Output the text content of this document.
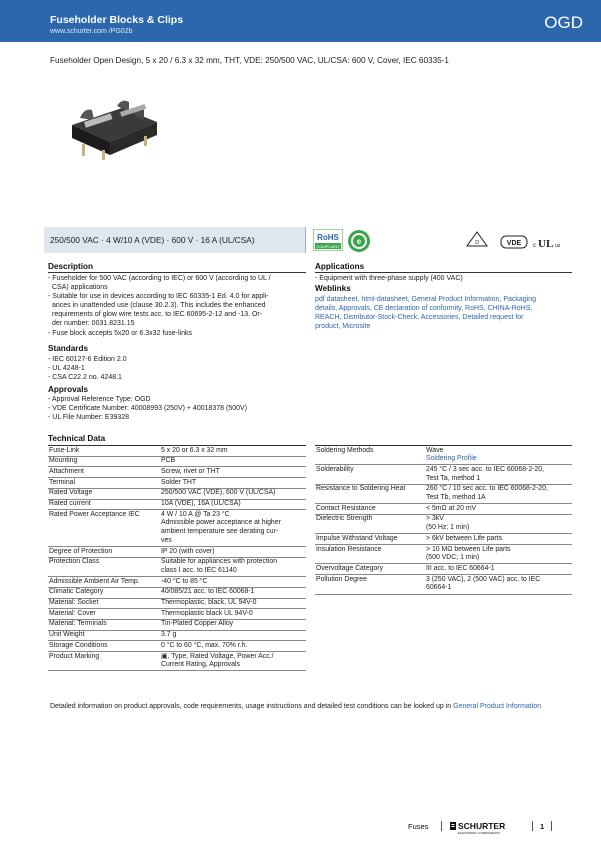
Fuseholder Blocks & Clips
www.schurter.com /PG02b	OGD
Fuseholder Open Design, 5 x 20 / 6.3 x 32 mm, THT, VDE: 250/500 VAC, UL/CSA: 600 V, Cover, IEC 60335-1
250/500 VAC · 4 W/10 A (VDE) · 600 V · 16 A (UL/CSA)	RoHS
COMPLIANT
e	D	VDE c UL us
Description
- Fuseholder for 500 VAC (according to IEC) or 600 V (according to UL /
CSA) applications
- Suitable for use in devices according to IEC 60335-1 Ed. 4.0 for appli-
ances in unattended use (clause 30.2.3). This includes the enhanced
requirements of glow wire tests acc. to IEC 60695-2-12 and -13. Or-
der number: 0031.8231.15
- Fuse block accepts 5x20 or 6.3x32 fuse-links
Standards
- IEC 60127-6 Edition 2.0
- UL 4248-1
- CSA C22.2 no. 4248.1
Approvals
- Approval Reference Type: OGD
- VDE Certificate Number: 40008993 (250V) + 40018378 (500V)
- UL File Number: E39328
Applications
- Equipment with three-phase supply (400 VAC)
Weblinks
pdf datasheet, html-datasheet, General Product Information, Packaging
details, Approvals, CE declaration of conformity, RoHS, CHINA-RoHS,
REACH, Distributor-Stock-Check, Accessories, Detailed request for
product, Microsite
Technical Data
Fuse-Link	5 x 20 or 6.3 x 32 mm

Mounting	PCB

Attachment	Screw, rivet or THT

Terminal	Solder THT

Rated Voltage	250/500 VAC (VDE), 600 V (UL/CSA)

Rated current	10A (VDE), 16A (UL/CSA)

Rated Power Acceptance IEC	4 W / 10 A @ Ta 23 °C
Admissible power acceptance at higher
ambient temperature see derating cur-
ves

Degree of Protection	IP 20 (with cover)

Protection Class	Suitable for appliances with protection
class I acc. to IEC 61140

Admissible Ambient Air Temp.	-40 °C to 85 °C

Climatic Category	40/085/21 acc. to IEC 60068-1

Material: Socket	Thermoplastic, black, UL 94V-0

Material: Cover	Thermoplastic black UL 94V-0

Material: Terminals	Tin-Plated Copper Alloy

Unit Weight	3.7 g

Storage Conditions	0 °C to 60 °C, max. 70% r.h.

Product Marking	▣, Type, Rated Voltage, Power Acc./
Current Rating, Approvals
Soldering Methods	Wave
Soldering Profile

Solderability	245 °C / 3 sec acc. to IEC 60068-2-20,
Test Ta, method 1

Resistance to Soldering Heat	260 °C / 10 sec acc. to IEC 60068-2-20,
Test Tb, method 1A

Contact Resistance	< 5mΩ at 20 mV

Dielectric Strength	> 3kV
(50 Hz; 1 min)

Impulse Withstand Voltage	> 6kV between Life parts

Insulation Resistance	> 10 MΩ between Life parts
(500 VDC; 1 min)

Overvoltage Category	III acc. to IEC 60664-1

Pollution Degree	3 (250 VAC), 2 (500 VAC) acc. to IEC
60664-1
Detailed information on product approvals, code requirements, usage instructions and detailed test conditions can be looked up in General Product Information
Fuses	SCHURTER
ELECTRONIC COMPONENTS
1
